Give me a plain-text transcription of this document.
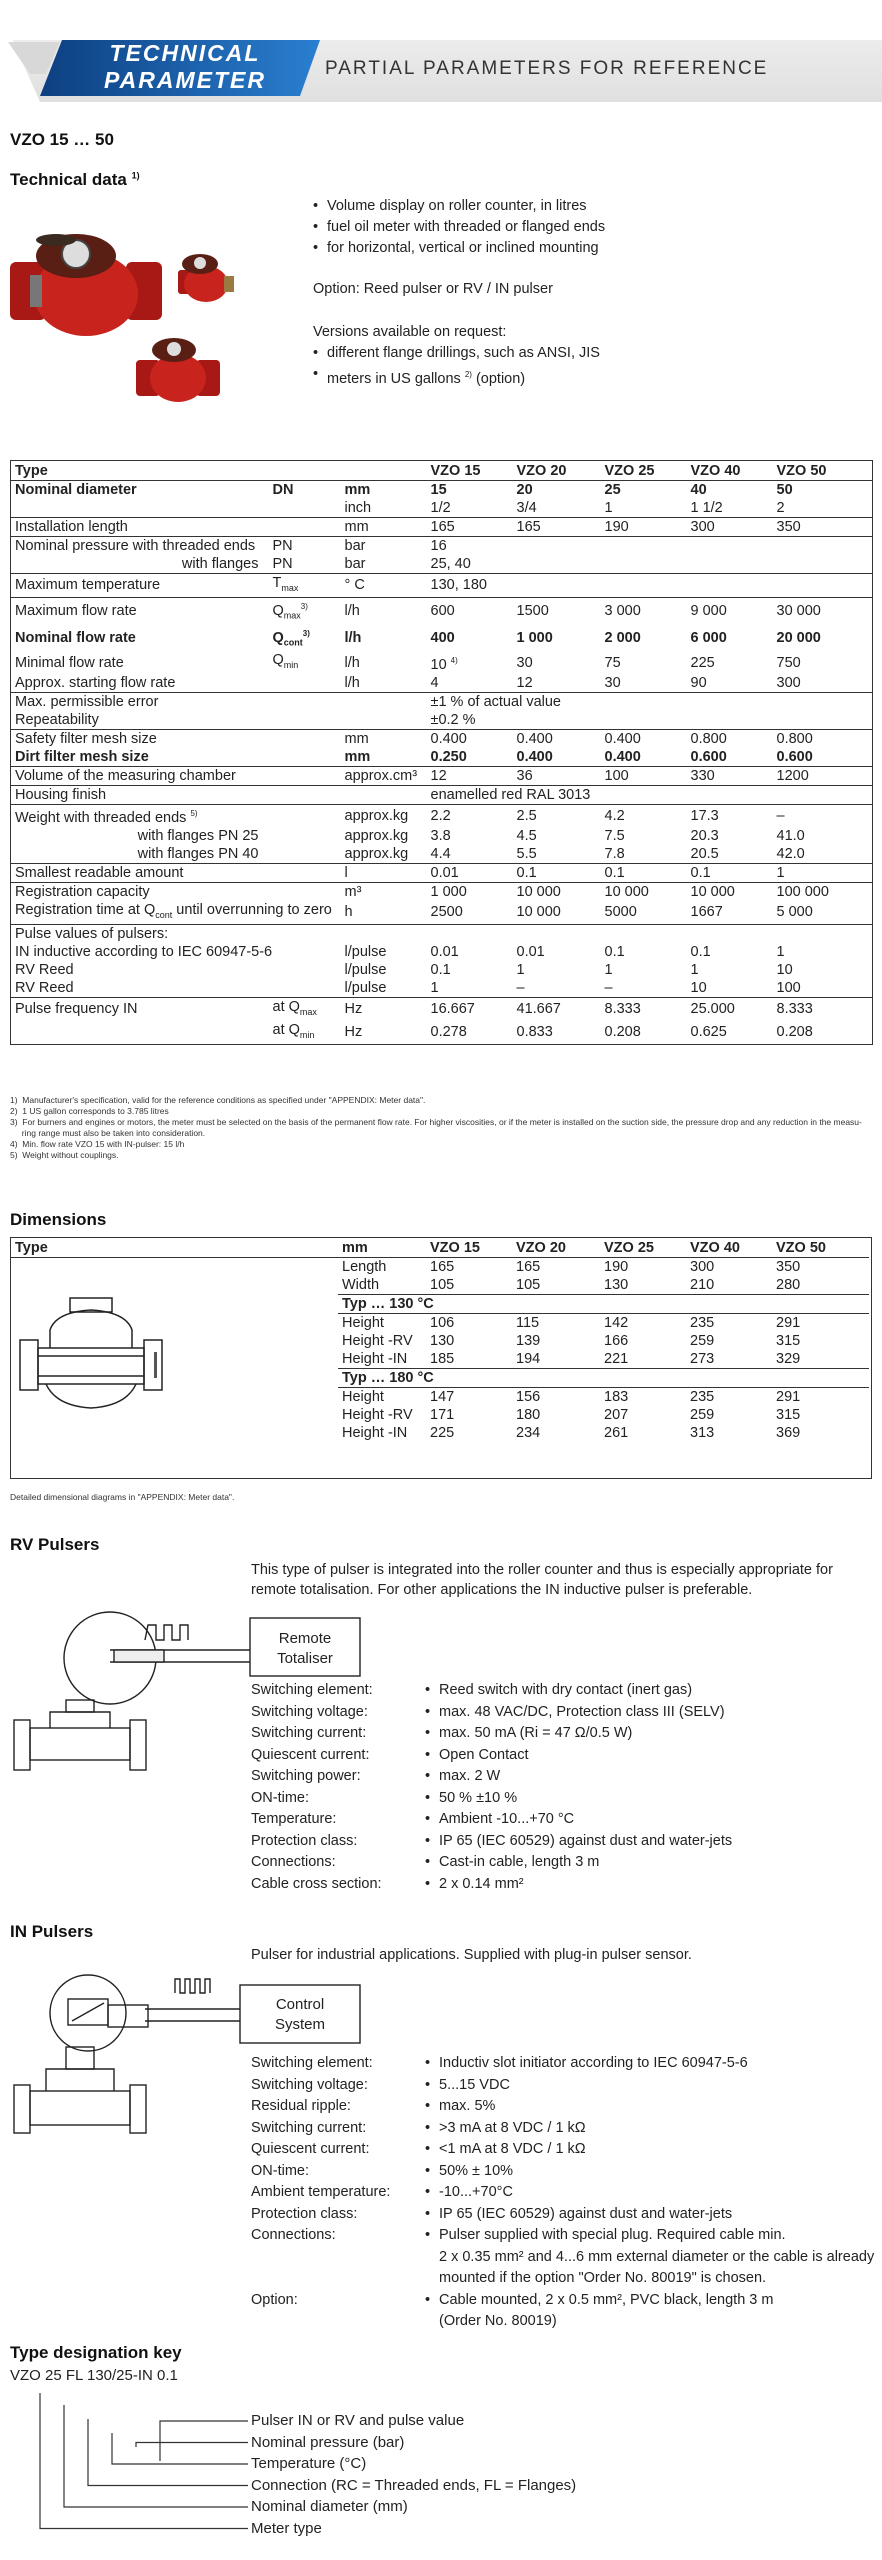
TECHNICAL
PARAMETER	PARTIAL PARAMETERS FOR REFERENCE
VZO 15 … 50
Technical data $^{1)}$
• Volume display on roller counter, in litres
• fuel oil meter with threaded or flanged ends
• for horizontal, vertical or inclined mounting
Option: Reed pulser or RV / IN pulser
Versions available on request:
• different flange drillings, such as ANSI, JIS
• meters in US gallons $^{2)}$ (option)
Type			VZO 15	VZO 20	VZO 25	VZO 40	VZO 50
Nominal diameter	DN	mm	15	20	25	40	50
		inch	1/2	3/4	1	1 1/2	2
Installation length		mm	165	165	190	300	350
Nominal pressure with threaded ends	PN	bar	16				
with flanges	PN	bar	25, 40				
Maximum temperature	$T_{max}$	° C	130, 180				
Maximum flow rate	$Q_{max}^{3)}$	l/h	600	1500	3 000	9 000	30 000
Nominal flow rate	$Q_{cont}^{3)}$	l/h	400	1 000	2 000	6 000	20 000
Minimal flow rate	$Q_{min}$	l/h	10 $^{4)}$	30	75	225	750
Approx. starting flow rate		l/h	4	12	30	90	300
Max. permissible error			±1 % of actual value				
Repeatability			±0.2 %				
Safety filter mesh size		mm	0.400	0.400	0.400	0.800	0.800
Dirt filter mesh size		mm	0.250	0.400	0.400	0.600	0.600
Volume of the measuring chamber		approx.cm³	12	36	100	330	1200
Housing finish			enamelled red RAL 3013				
Weight with threaded ends $^{5)}$		approx.kg	2.2	2.5	4.2	17.3	–
with flanges PN 25		approx.kg	3.8	4.5	7.5	20.3	41.0
with flanges PN 40		approx.kg	4.4	5.5	7.8	20.5	42.0
Smallest readable amount		l	0.01	0.1	0.1	0.1	1
Registration capacity		m³	1 000	10 000	10 000	10 000	100 000
Registration time at $Q_{cont}$ until overrunning to zero		h	2500	10 000	5000	1667	5 000
Pulse values of pulsers:							
IN inductive according to IEC 60947-5-6		l/pulse	0.01	0.01	0.1	0.1	1
RV Reed		l/pulse	0.1	1	1	1	10
RV Reed		l/pulse	1	–	–	10	100
Pulse frequency IN	at $Q_{max}$	Hz	16.667	41.667	8.333	25.000	8.333
	at $Q_{min}$	Hz	0.278	0.833	0.208	0.625	0.208
1)  Manufacturer's specification, valid for the reference conditions as specified under "APPENDIX: Meter data".
2)  1 US gallon corresponds to 3.785 litres
3)  For burners and engines or motors, the meter must be selected on the basis of the permanent flow rate. For higher viscosities, or if the meter is installed on the suction side, the pressure drop and any reduction in the measu-
ring range must also be taken into consideration.
4)  Min. flow rate VZO 15 with IN-pulser: 15 l/h
5)  Weight without couplings.
Dimensions
Type	mm	VZO 15	VZO 20	VZO 25	VZO 40	VZO 50
	Length	165	165	190	300	350
	Width	105	105	130	210	280
	Typ … 130 °C					
	Height	106	115	142	235	291
	Height -RV	130	139	166	259	315
	Height -IN	185	194	221	273	329
	Typ … 180 °C					
	Height	147	156	183	235	291
	Height -RV	171	180	207	259	315
	Height -IN	225	234	261	313	369
Detailed dimensional diagrams in "APPENDIX: Meter data".
RV Pulsers
This type of pulser is integrated into the roller counter and thus is especially appropriate for remote totalisation. For other applications the IN inductive pulser is preferable.
Remote
Totaliser
Switching element:	• Reed switch with dry contact (inert gas)
Switching voltage:	• max. 48 VAC/DC, Protection class III (SELV)
Switching current:	• max. 50 mA (Ri = 47 Ω/0.5 W)
Quiescent current:	• Open Contact
Switching power:	• max. 2 W
ON-time:	• 50 % ±10 %
Temperature:	• Ambient -10...+70 °C
Protection class:	• IP 65 (IEC 60529) against dust and water-jets
Connections:	• Cast-in cable, length 3 m
Cable cross section:	• 2 x 0.14 mm²
IN Pulsers
Pulser for industrial applications. Supplied with plug-in pulser sensor.
Control
System
Switching element:	• Inductiv slot initiator according to IEC 60947-5-6
Switching voltage:	• 5...15 VDC
Residual ripple:	• max. 5%
Switching current:	• >3 mA at 8 VDC / 1 kΩ
Quiescent current:	• <1 mA at 8 VDC / 1 kΩ
ON-time:	• 50% ± 10%
Ambient temperature:	• -10...+70°C
Protection class:	• IP 65 (IEC 60529) against dust and water-jets
Connections:	• Pulser supplied with special plug. Required cable min.
2 x 0.35 mm² and 4...6 mm external diameter or the cable is already
mounted if the option "Order No. 80019" is chosen.
Option:	• Cable mounted, 2 x 0.5 mm², PVC black, length 3 m
(Order No. 80019)
Type designation key
VZO 25 FL 130/25-IN 0.1
Pulser IN or RV and pulse value
Nominal pressure (bar)
Temperature (°C)
Connection (RC = Threaded ends, FL = Flanges)
Nominal diameter (mm)
Meter type
